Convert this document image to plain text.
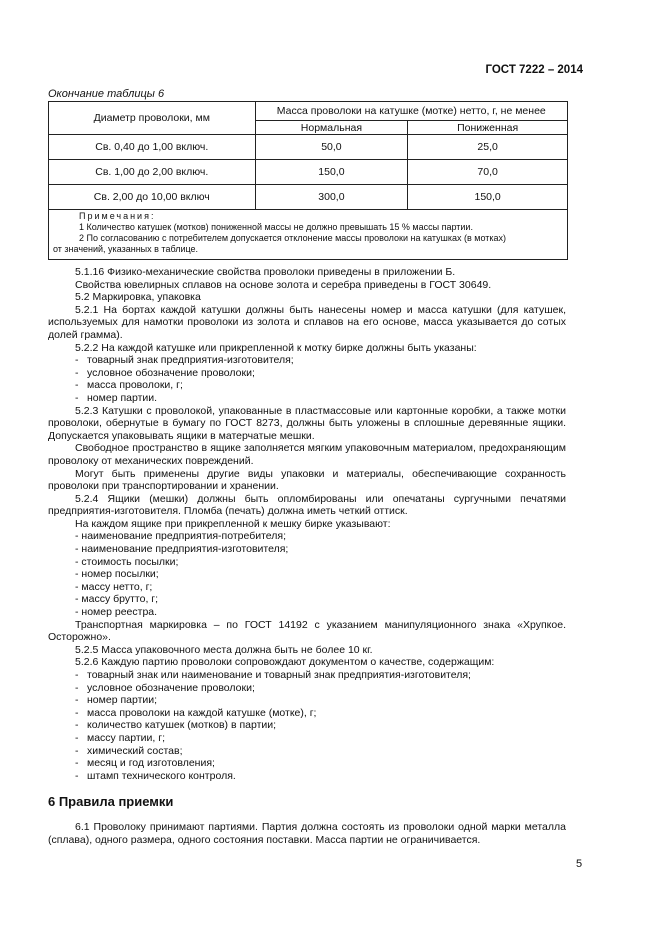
ГОСТ 7222 – 2014
Окончание таблицы 6
Диаметр проволоки, мм	Масса проволоки на катушке (мотке) нетто, г, не менее	
	Нормальная	Пониженная
Св. 0,40 до 1,00 включ.	50,0	25,0
Св. 1,00 до 2,00 включ.	150,0	70,0
Св. 2,00 до 10,00 включ	300,0	150,0

Примечания:
1 Количество катушек (мотков) пониженной массы не должно превышать 15 % массы партии.
2 По согласованию с потребителем допускается отклонение массы проволоки на катушках (в мотках)
от значений, указанных в таблице.		
5.1.16 Физико-механические свойства проволоки приведены в приложении Б.
Свойства ювелирных сплавов на основе золота и серебра приведены в ГОСТ 30649.
5.2 Маркировка, упаковка
5.2.1 На бортах каждой катушки должны быть нанесены номер и масса катушки (для катушек, используемых для намотки проволоки из золота и сплавов на его основе, масса указывается до сотых долей грамма).
5.2.2 На каждой катушке или прикрепленной к мотку бирке должны быть указаны:
- товарный знак предприятия-изготовителя;
- условное обозначение проволоки;
- масса проволоки, г;
- номер партии.
5.2.3 Катушки с проволокой, упакованные в пластмассовые или картонные коробки, а также мотки проволоки, обернутые в бумагу по ГОСТ 8273, должны быть уложены в сплошные деревянные ящики. Допускается упаковывать ящики в матерчатые мешки.
Свободное пространство в ящике заполняется мягким упаковочным материалом, предохраняющим проволоку от механических повреждений.
Могут быть применены другие виды упаковки и материалы, обеспечивающие сохранность проволоки при транспортировании и хранении.
5.2.4 Ящики (мешки) должны быть опломбированы или опечатаны сургучными печатями предприятия-изготовителя. Пломба (печать) должна иметь четкий оттиск.
На каждом ящике при прикрепленной к мешку бирке указывают:
- наименование предприятия-потребителя;
- наименование предприятия-изготовителя;
- стоимость посылки;
- номер посылки;
- массу нетто, г;
- массу брутто, г;
- номер реестра.
Транспортная маркировка – по ГОСТ 14192 с указанием манипуляционного знака «Хрупкое. Осторожно».
5.2.5 Масса упаковочного места должна быть не более 10 кг.
5.2.6 Каждую партию проволоки сопровождают документом о качестве, содержащим:
- товарный знак или наименование и товарный знак предприятия-изготовителя;
- условное обозначение проволоки;
- номер партии;
- масса проволоки на каждой катушке (мотке), г;
- количество катушек (мотков) в партии;
- массу партии, г;
- химический состав;
- месяц и год изготовления;
- штамп технического контроля.
6 Правила приемки
6.1 Проволоку принимают партиями. Партия должна состоять из проволоки одной марки металла (сплава), одного размера, одного состояния поставки. Масса партии не ограничивается.
5
